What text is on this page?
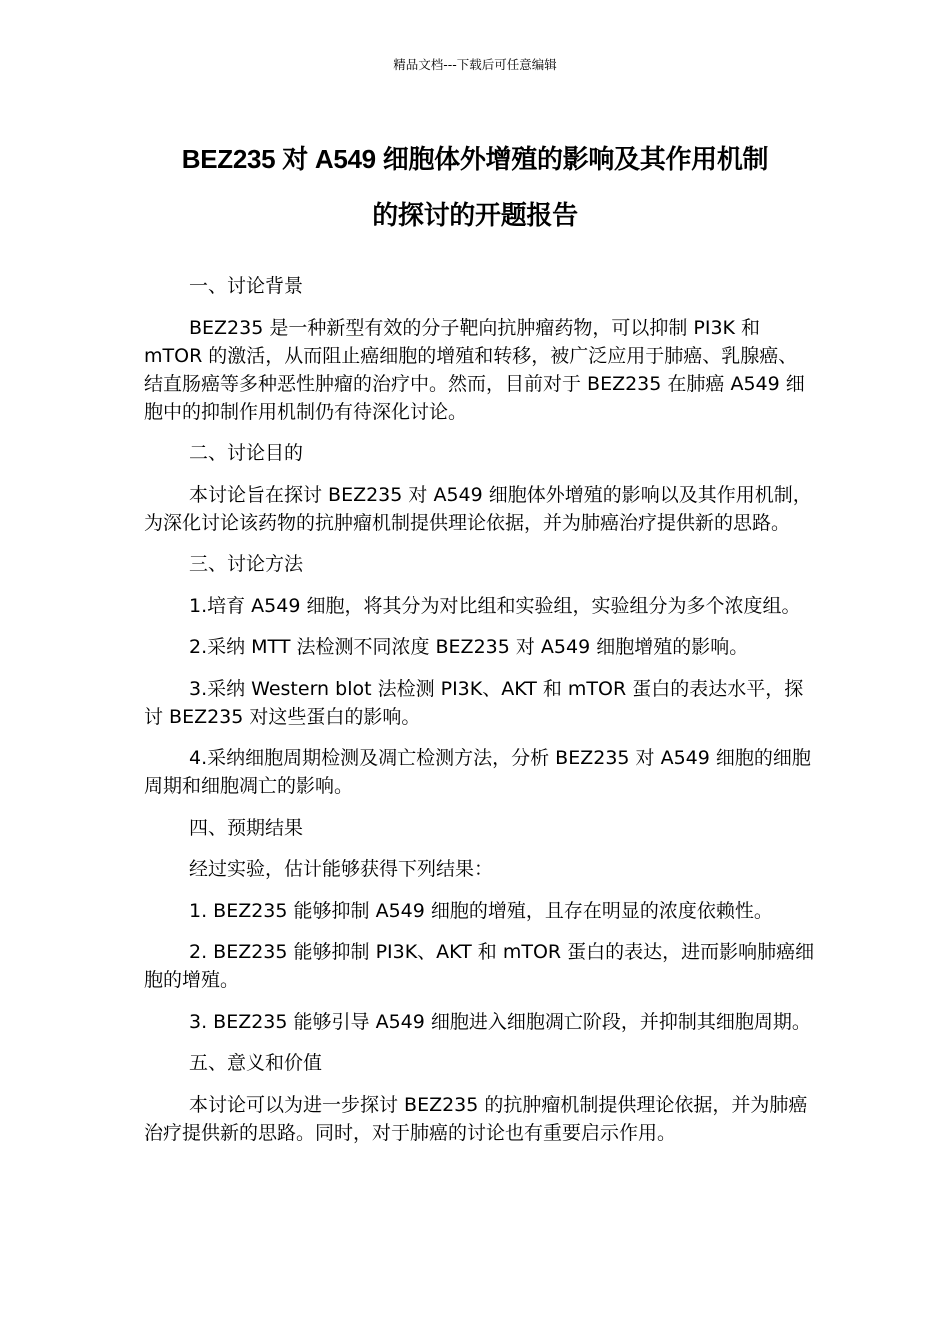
精品文档---下载后可任意编辑
BEZ235 对 A549 细胞体外增殖的影响及其作用机制
的探讨的开题报告

一、讨论背景

BEZ235 是一种新型有效的分子靶向抗肿瘤药物，可以抑制 PI3K 和 mTOR 的激活，从而阻止癌细胞的增殖和转移，被广泛应用于肺癌、乳腺癌、结直肠癌等多种恶性肿瘤的治疗中。然而，目前对于 BEZ235 在肺癌 A549 细胞中的抑制作用机制仍有待深化讨论。

二、讨论目的

本讨论旨在探讨 BEZ235 对 A549 细胞体外增殖的影响以及其作用机制，为深化讨论该药物的抗肿瘤机制提供理论依据，并为肺癌治疗提供新的思路。

三、讨论方法

1.培育 A549 细胞，将其分为对比组和实验组，实验组分为多个浓度组。

2.采纳 MTT 法检测不同浓度 BEZ235 对 A549 细胞增殖的影响。

3.采纳 Western blot 法检测 PI3K、AKT 和 mTOR 蛋白的表达水平，探讨 BEZ235 对这些蛋白的影响。

4.采纳细胞周期检测及凋亡检测方法，分析 BEZ235 对 A549 细胞的细胞周期和细胞凋亡的影响。

四、预期结果

经过实验，估计能够获得下列结果：

1. BEZ235 能够抑制 A549 细胞的增殖，且存在明显的浓度依赖性。

2. BEZ235 能够抑制 PI3K、AKT 和 mTOR 蛋白的表达，进而影响肺癌细胞的增殖。

3. BEZ235 能够引导 A549 细胞进入细胞凋亡阶段，并抑制其细胞周期。

五、意义和价值

本讨论可以为进一步探讨 BEZ235 的抗肿瘤机制提供理论依据，并为肺癌治疗提供新的思路。同时，对于肺癌的讨论也有重要启示作用。
